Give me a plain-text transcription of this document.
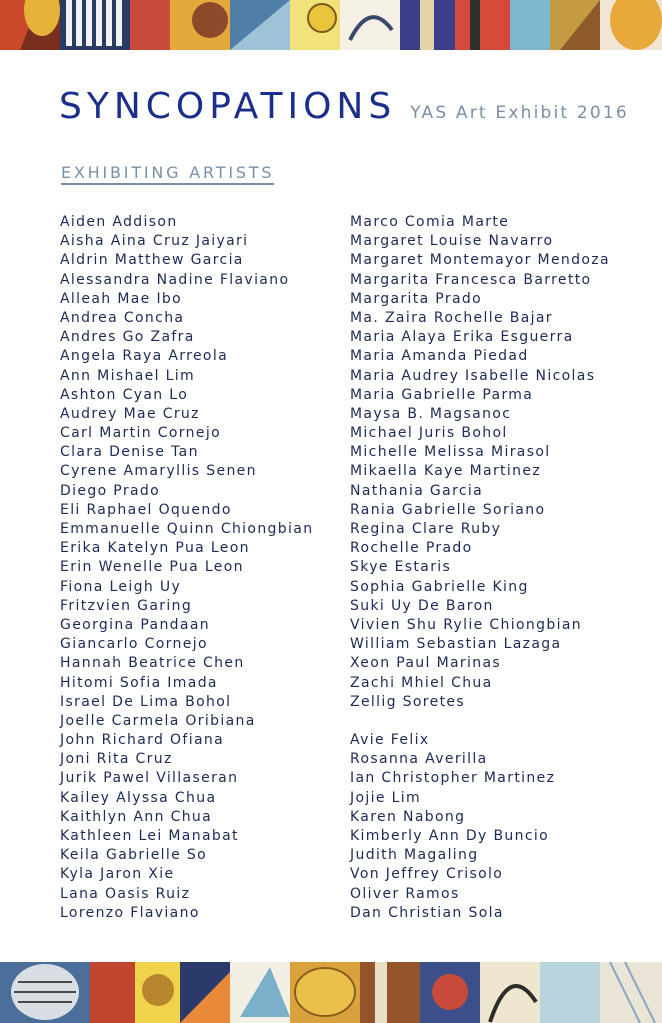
SYNCOPATIONS YAS Art Exhibit 2016
EXHIBITING ARTISTS
Aiden Addison
Aisha Aina Cruz Jaiyari
Aldrin Matthew Garcia
Alessandra Nadine Flaviano
Alleah Mae Ibo
Andrea Concha
Andres Go Zafra
Angela Raya Arreola
Ann Mishael Lim
Ashton Cyan Lo
Audrey Mae Cruz
Carl Martin Cornejo
Clara Denise Tan
Cyrene Amaryllis Senen
Diego Prado
Eli Raphael Oquendo
Emmanuelle Quinn Chiongbian
Erika Katelyn Pua Leon
Erin Wenelle Pua Leon
Fiona Leigh Uy
Fritzvien Garing
Georgina Pandaan
Giancarlo Cornejo
Hannah Beatrice Chen
Hitomi Sofia Imada
Israel De Lima Bohol
Joelle Carmela Oribiana
John Richard Ofiana
Joni Rita Cruz
Jurik Pawel Villaseran
Kailey Alyssa Chua
Kaithlyn Ann Chua
Kathleen Lei Manabat
Keila Gabrielle So
Kyla Jaron Xie
Lana Oasis Ruiz
Lorenzo Flaviano
Marco Comia Marte
Margaret Louise Navarro
Margaret Montemayor Mendoza
Margarita Francesca Barretto
Margarita Prado
Ma. Zaira Rochelle Bajar
Maria Alaya Erika Esguerra
Maria Amanda Piedad
Maria Audrey Isabelle Nicolas
Maria Gabrielle Parma
Maysa B. Magsanoc
Michael Juris Bohol
Michelle Melissa Mirasol
Mikaella Kaye Martinez
Nathania Garcia
Rania Gabrielle Soriano
Regina Clare Ruby
Rochelle Prado
Skye Estaris
Sophia Gabrielle King
Suki Uy De Baron
Vivien Shu Rylie Chiongbian
William Sebastian Lazaga
Xeon Paul Marinas
Zachi Mhiel Chua
Zellig Soretes
Avie Felix
Rosanna Averilla
Ian Christopher Martinez
Jojie Lim
Karen Nabong
Kimberly Ann Dy Buncio
Judith Magaling
Von Jeffrey Crisolo
Oliver Ramos
Dan Christian Sola
